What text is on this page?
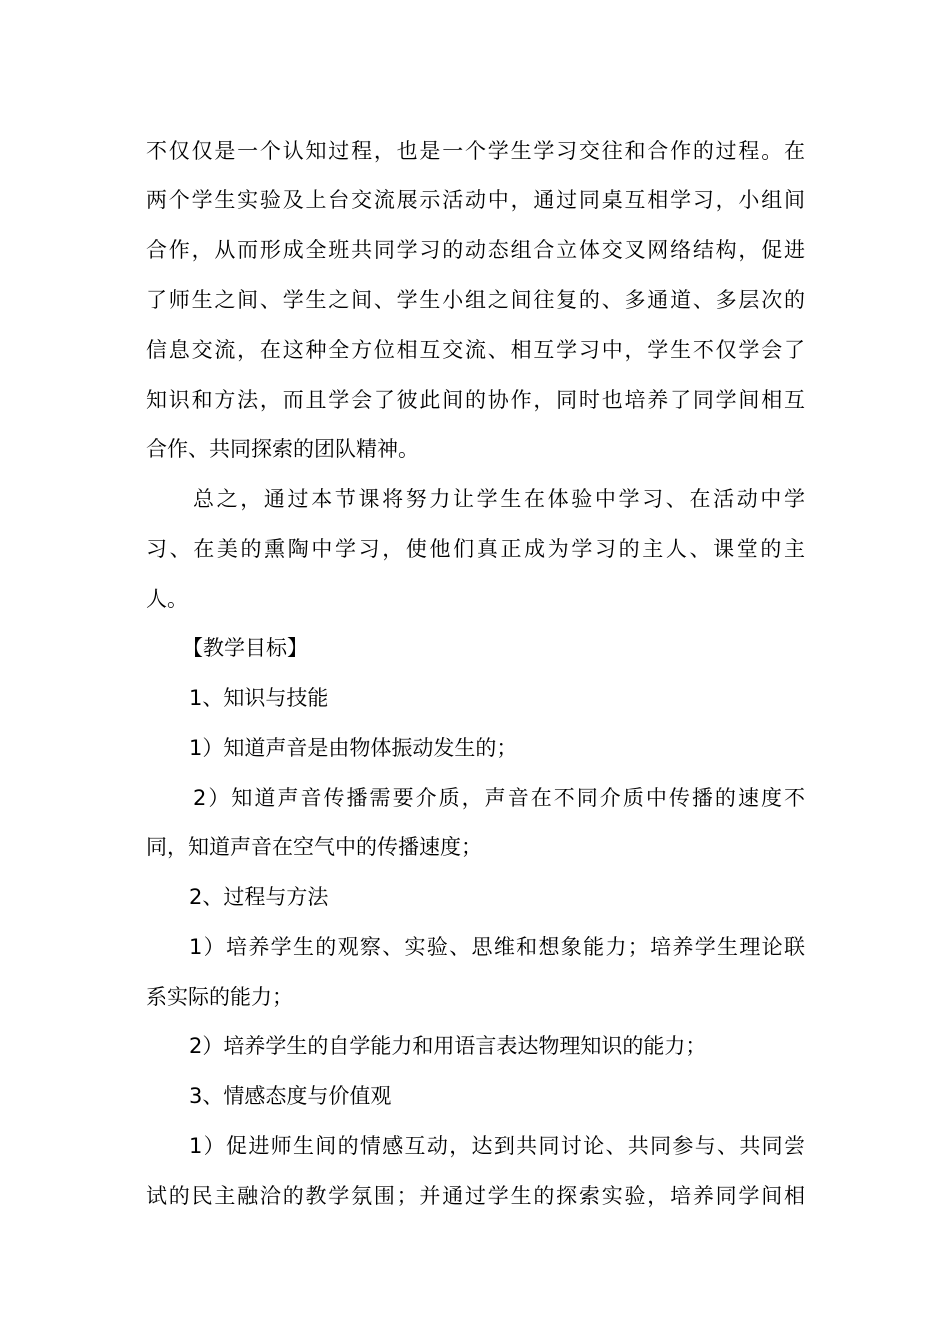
不仅仅是一个认知过程，也是一个学生学习交往和合作的过程。在
两个学生实验及上台交流展示活动中，通过同桌互相学习，小组间
合作，从而形成全班共同学习的动态组合立体交叉网络结构，促进
了师生之间、学生之间、学生小组之间往复的、多通道、多层次的
信息交流，在这种全方位相互交流、相互学习中，学生不仅学会了
知识和方法，而且学会了彼此间的协作，同时也培养了同学间相互
合作、共同探索的团队精神。
总之，通过本节课将努力让学生在体验中学习、在活动中学
习、在美的熏陶中学习，使他们真正成为学习的主人、课堂的主
人。
【教学目标】
1、知识与技能
1）知道声音是由物体振动发生的；
2）知道声音传播需要介质，声音在不同介质中传播的速度不
同，知道声音在空气中的传播速度；
2、过程与方法
1）培养学生的观察、实验、思维和想象能力；培养学生理论联
系实际的能力；
2）培养学生的自学能力和用语言表达物理知识的能力；
3、情感态度与价值观
1）促进师生间的情感互动，达到共同讨论、共同参与、共同尝
试的民主融洽的教学氛围；并通过学生的探索实验，培养同学间相
